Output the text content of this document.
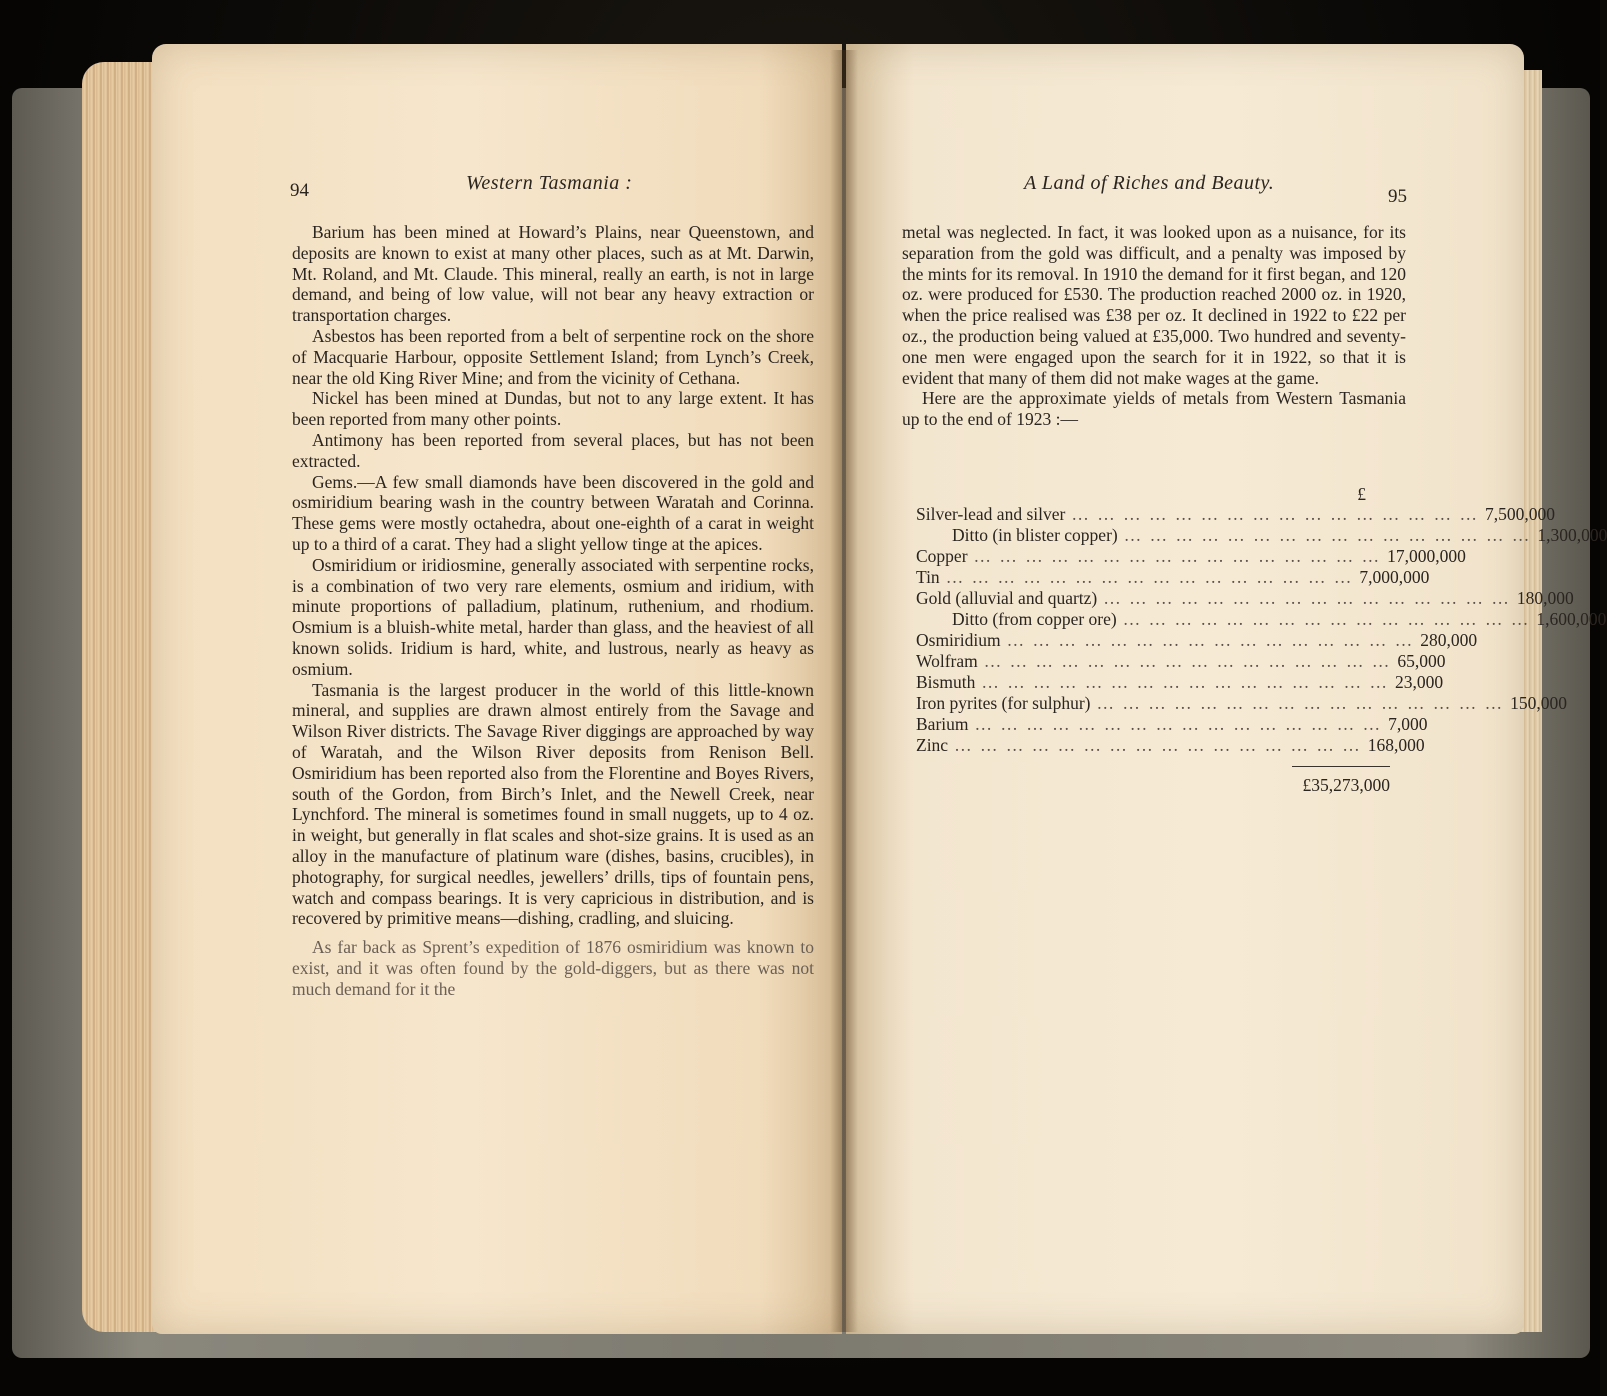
94	Western Tasmania :

Barium has been mined at Howard’s Plains, near Queenstown, and deposits are known to exist at many other places, such as at Mt. Darwin, Mt. Roland, and Mt. Claude. This mineral, really an earth, is not in large demand, and being of low value, will not bear any heavy extraction or transportation charges.

Asbestos has been reported from a belt of serpentine rock on the shore of Macquarie Harbour, opposite Settlement Island; from Lynch’s Creek, near the old King River Mine; and from the vicinity of Cethana.

Nickel has been mined at Dundas, but not to any large extent. It has been reported from many other points.

Antimony has been reported from several places, but has not been extracted.

Gems.—A few small diamonds have been discovered in the gold and osmiridium bearing wash in the country between Waratah and Corinna. These gems were mostly octahedra, about one-eighth of a carat in weight up to a third of a carat. They had a slight yellow tinge at the apices.

Osmiridium or iridiosmine, generally associated with serpentine rocks, is a combination of two very rare elements, osmium and iridium, with minute proportions of palladium, platinum, ruthenium, and rhodium. Osmium is a bluish-white metal, harder than glass, and the heaviest of all known solids. Iridium is hard, white, and lustrous, nearly as heavy as osmium.

Tasmania is the largest producer in the world of this little-known mineral, and supplies are drawn almost entirely from the Savage and Wilson River districts. The Savage River diggings are approached by way of Waratah, and the Wilson River deposits from Renison Bell. Osmiridium has been reported also from the Florentine and Boyes Rivers, south of the Gordon, from Birch’s Inlet, and the Newell Creek, near Lynchford. The mineral is sometimes found in small nuggets, up to 4 oz. in weight, but generally in flat scales and shot-size grains. It is used as an alloy in the manufacture of platinum ware (dishes, basins, crucibles), in photography, for surgical needles, jewellers’ drills, tips of fountain pens, watch and compass bearings. It is very capricious in distribution, and is recovered by primitive means—dishing, cradling, and sluicing.

As far back as Sprent’s expedition of 1876 osmiridium was known to exist, and it was often found by the gold-diggers, but as there was not much demand for it the

A Land of Riches and Beauty.
95

metal was neglected. In fact, it was looked upon as a nuisance, for its separation from the gold was difficult, and a penalty was imposed by the mints for its removal. In 1910 the demand for it first began, and 120 oz. were produced for £530. The production reached 2000 oz. in 1920, when the price realised was £38 per oz. It declined in 1922 to £22 per oz., the production being valued at £35,000. Two hundred and seventy-one men were engaged upon the search for it in 1922, so that it is evident that many of them did not make wages at the game.

Here are the approximate yields of metals from Western Tasmania up to the end of 1923 :—

£
Silver-lead and silver … … … … … … … … … … … … … … … … 7,500,000
Ditto (in blister copper) … … … … … … … … … … … … … … … … 1,300,000
Copper … … … … … … … … … … … … … … … … 17,000,000
Tin … … … … … … … … … … … … … … … … 7,000,000
Gold (alluvial and quartz) … … … … … … … … … … … … … … … … 180,000
Ditto (from copper ore) … … … … … … … … … … … … … … … … 1,600,000
Osmiridium … … … … … … … … … … … … … … … … 280,000
Wolfram … … … … … … … … … … … … … … … … 65,000
Bismuth … … … … … … … … … … … … … … … … 23,000
Iron pyrites (for sulphur) … … … … … … … … … … … … … … … … 150,000
Barium … … … … … … … … … … … … … … … … 7,000
Zinc … … … … … … … … … … … … … … … … 168,000
£35,273,000
